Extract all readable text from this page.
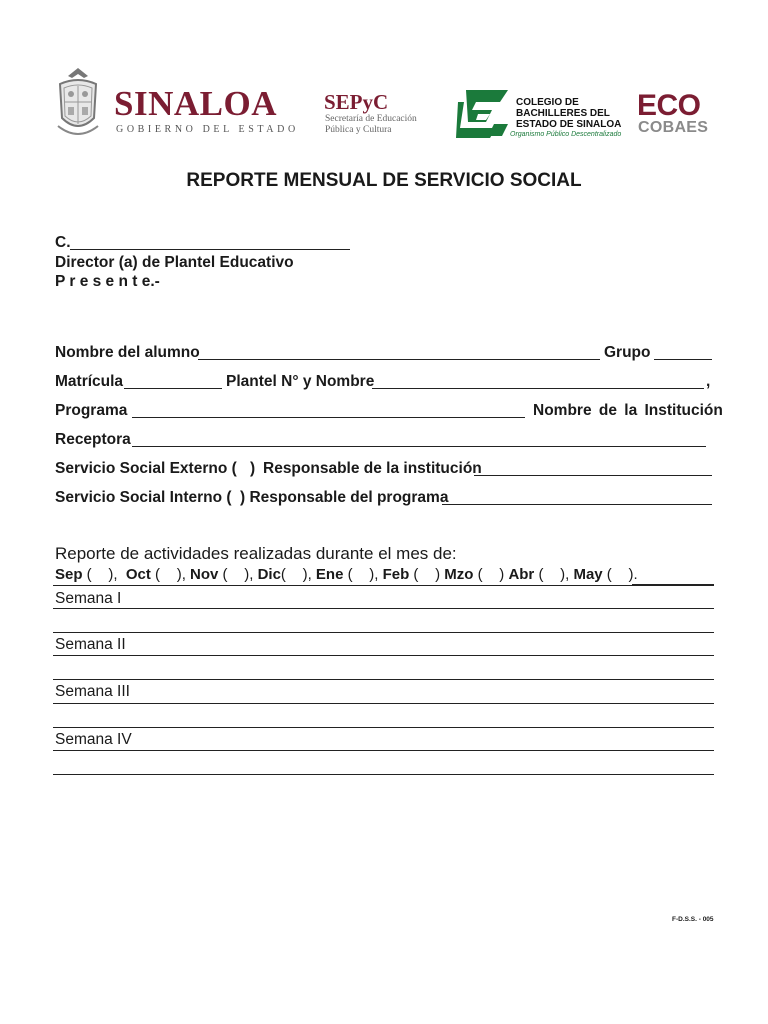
SINALOA
GOBIERNO DEL ESTADO
SEPyC
Secretaría de Educación
Pública y Cultura
COLEGIO DE
BACHILLERES DEL
ESTADO DE SINALOA
Organismo Público Descentralizado
ECO
COBAES
REPORTE MENSUAL DE SERVICIO SOCIAL
C.
Director (a) de Plantel Educativo
P r e s e n t e.-
Nombre del alumno	Grupo
Matrícula	Plantel N° y Nombre	,
Programa	Nombre de la Institución
Receptora
Servicio Social Externo ( ) Responsable de la institución
Servicio Social Interno ( ) Responsable del programa
Reporte de actividades realizadas durante el mes de:
Sep (    ),  Oct (    ), Nov (    ), Dic(    ), Ene (    ), Feb (    ) Mzo (    ) Abr (    ), May (    ).
Semana I
Semana II
Semana III
Semana IV
F-D.S.S. - 005
